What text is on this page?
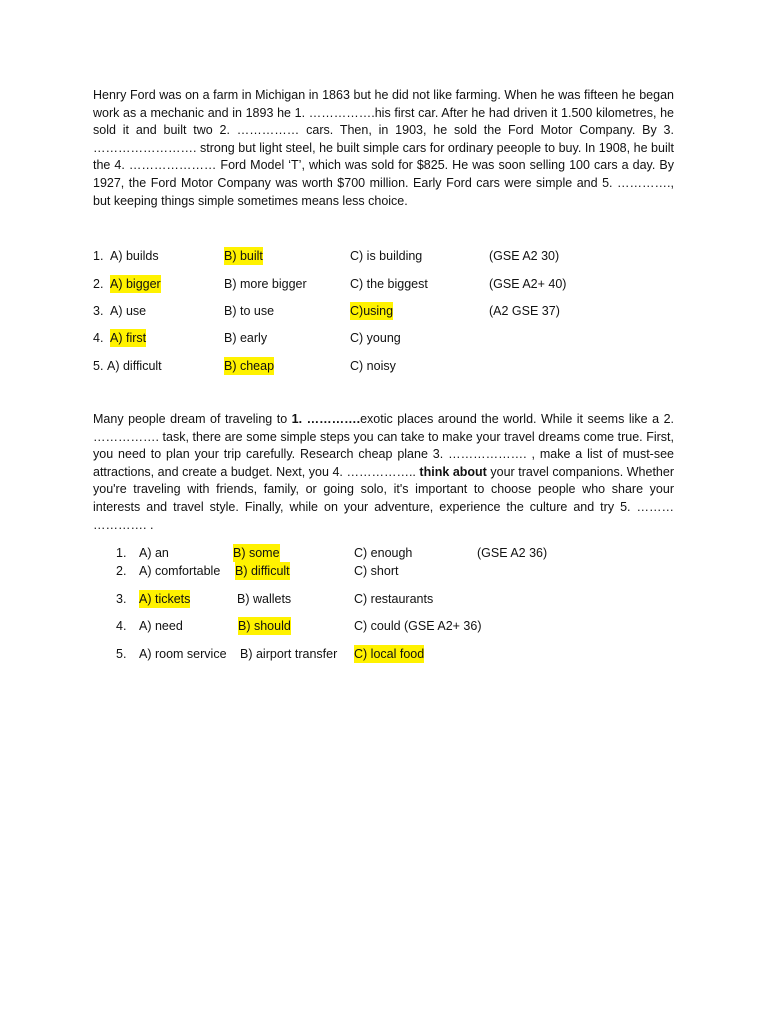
Henry Ford was on a farm in Michigan in 1863 but he did not like farming. When he was fifteen he began work as a mechanic and in 1893 he 1. …………….his first car. After he had driven it 1.500 kilometres, he sold it and built two 2. …………… cars. Then, in 1903, he sold the Ford Motor Company. By 3. ……………………. strong but light steel, he built simple cars for ordinary peeople to buy. In 1908, he built the 4. ………………… Ford Model ‘T’, which was sold for $825. He was soon selling 100 cars a day. By 1927, the Ford Motor Company was worth $700 million. Early Ford cars were simple and 5. …………., but keeping things simple sometimes means less choice.

1. A) builds	B) built	C) is building	(GSE A2 30)
2. A) bigger	B) more bigger	C) the biggest	(GSE A2+ 40)
3. A) use	B) to use	C)using	(A2 GSE 37)
4. A) first	B) early	C) young
5. A) difficult	B) cheap	C) noisy

Many people dream of traveling to 1. ………….exotic places around the world. While it seems like a 2. ……………. task, there are some simple steps you can take to make your travel dreams come true. First, you need to plan your trip carefully. Research cheap plane 3. ………………. , make a list of must-see attractions, and create a budget. Next, you 4. …………….. think about your travel companions. Whether you're traveling with friends, family, or going solo, it's important to choose people who share your interests and travel style. Finally, while on your adventure, experience the culture and try 5. ……… …………. .

1. A) an	B) some	C) enough	(GSE A2 36)
2. A) comfortable B) difficult	C) short
3. A) tickets	B) wallets	C) restaurants
4. A) need	B) should	C) could (GSE A2+ 36)
5. A) room service B) airport transfer C) local food
